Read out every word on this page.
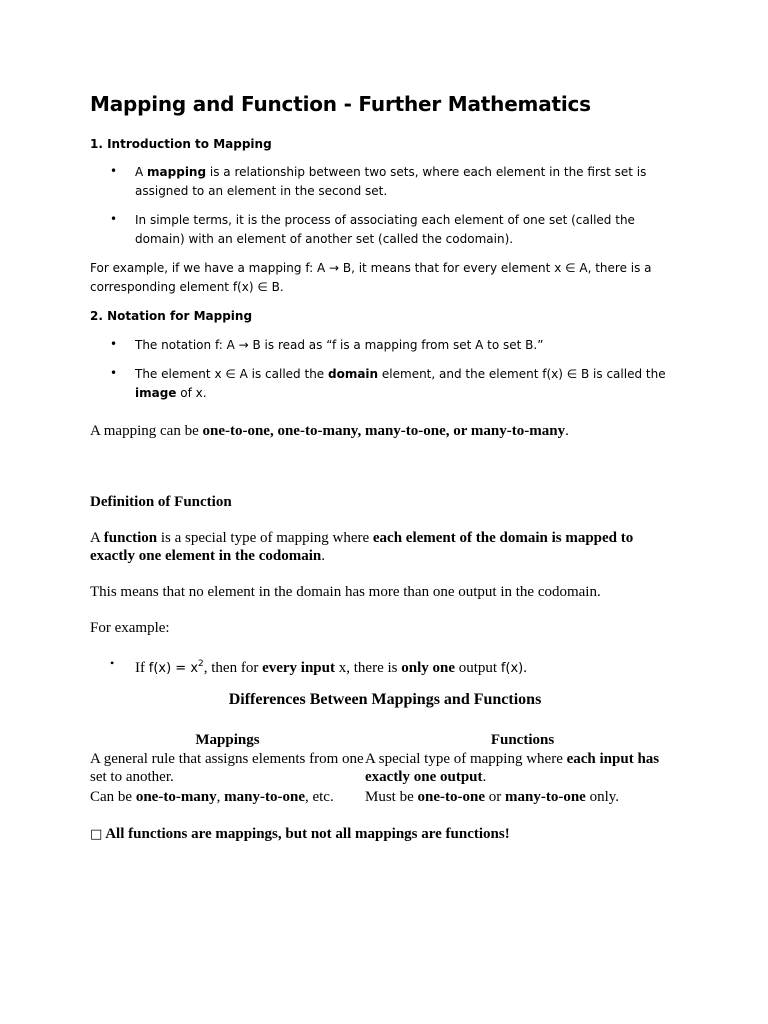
Mapping and Function - Further Mathematics
1. Introduction to Mapping
• A mapping is a relationship between two sets, where each element in the first set is assigned to an element in the second set.
• In simple terms, it is the process of associating each element of one set (called the domain) with an element of another set (called the codomain).
For example, if we have a mapping f: A → B, it means that for every element x ∈ A, there is a corresponding element f(x) ∈ B.
2. Notation for Mapping
• The notation f: A → B is read as “f is a mapping from set A to set B.”
• The element x ∈ A is called the domain element, and the element f(x) ∈ B is called the image of x.
A mapping can be one-to-one, one-to-many, many-to-one, or many-to-many.
Definition of Function
A function is a special type of mapping where each element of the domain is mapped to exactly one element in the codomain.
This means that no element in the domain has more than one output in the codomain.
For example:
• If $f(x) = x^2$, then for every input x, there is only one output f(x).
Differences Between Mappings and Functions
Mappings	Functions
A general rule that assigns elements from one set to another.	A special type of mapping where each input has exactly one output.
Can be one-to-many, many-to-one, etc.	Must be one-to-one or many-to-one only.
□ All functions are mappings, but not all mappings are functions!
